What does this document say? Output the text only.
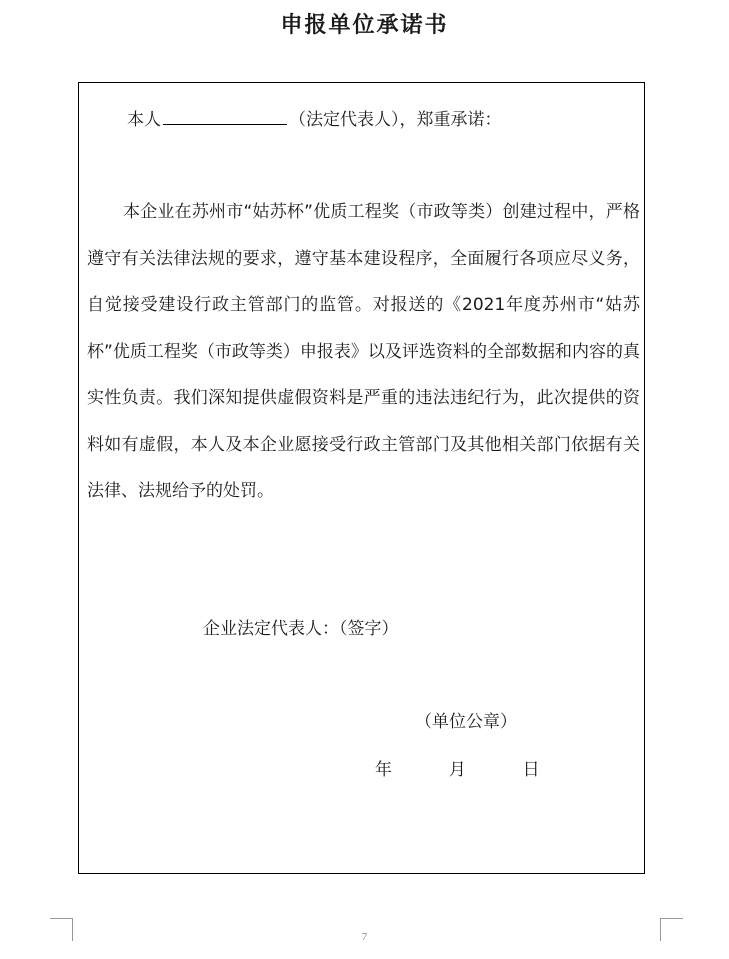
申报单位承诺书
本人	（法定代表人），郑重承诺：
本企业在苏州市“姑苏杯”优质工程奖（市政等类）创建过程中，严格遵守有关法律法规的要求，遵守基本建设程序，全面履行各项应尽义务，自觉接受建设行政主管部门的监管。对报送的《2021年度苏州市“姑苏杯”优质工程奖（市政等类）申报表》以及评选资料的全部数据和内容的真实性负责。我们深知提供虚假资料是严重的违法违纪行为，此次提供的资料如有虚假，本人及本企业愿接受行政主管部门及其他相关部门依据有关法律、法规给予的处罚。
企业法定代表人：（签字）
（单位公章）
年	月	日
7
